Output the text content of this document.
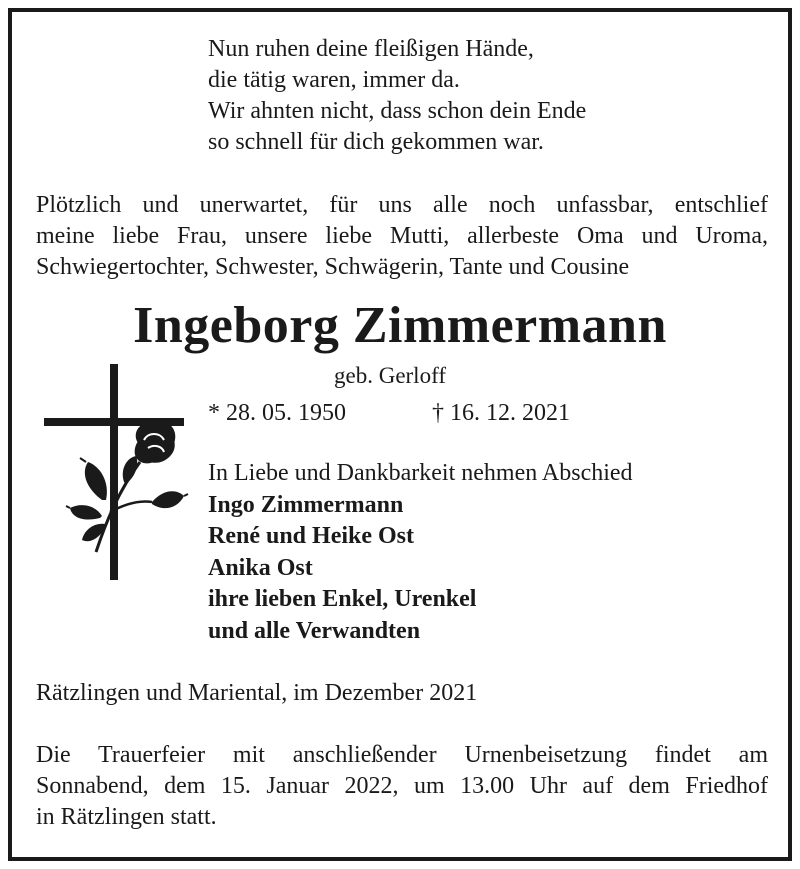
Nun ruhen deine fleißigen Hände,
die tätig waren, immer da.
Wir ahnten nicht, dass schon dein Ende
so schnell für dich gekommen war.
Plötzlich und unerwartet, für uns alle noch unfassbar, entschlief
meine liebe Frau, unsere liebe Mutti, allerbeste Oma und Uroma,
Schwiegertochter, Schwester, Schwägerin, Tante und Cousine
Ingeborg Zimmermann
geb. Gerloff
* 28. 05. 1950	† 16. 12. 2021
In Liebe und Dankbarkeit nehmen Abschied
Ingo Zimmermann
René und Heike Ost
Anika Ost
ihre lieben Enkel, Urenkel
und alle Verwandten
Rätzlingen und Mariental, im Dezember 2021
Die Trauerfeier mit anschließender Urnenbeisetzung findet am
Sonnabend, dem 15. Januar 2022, um 13.00 Uhr auf dem Friedhof
in Rätzlingen statt.
